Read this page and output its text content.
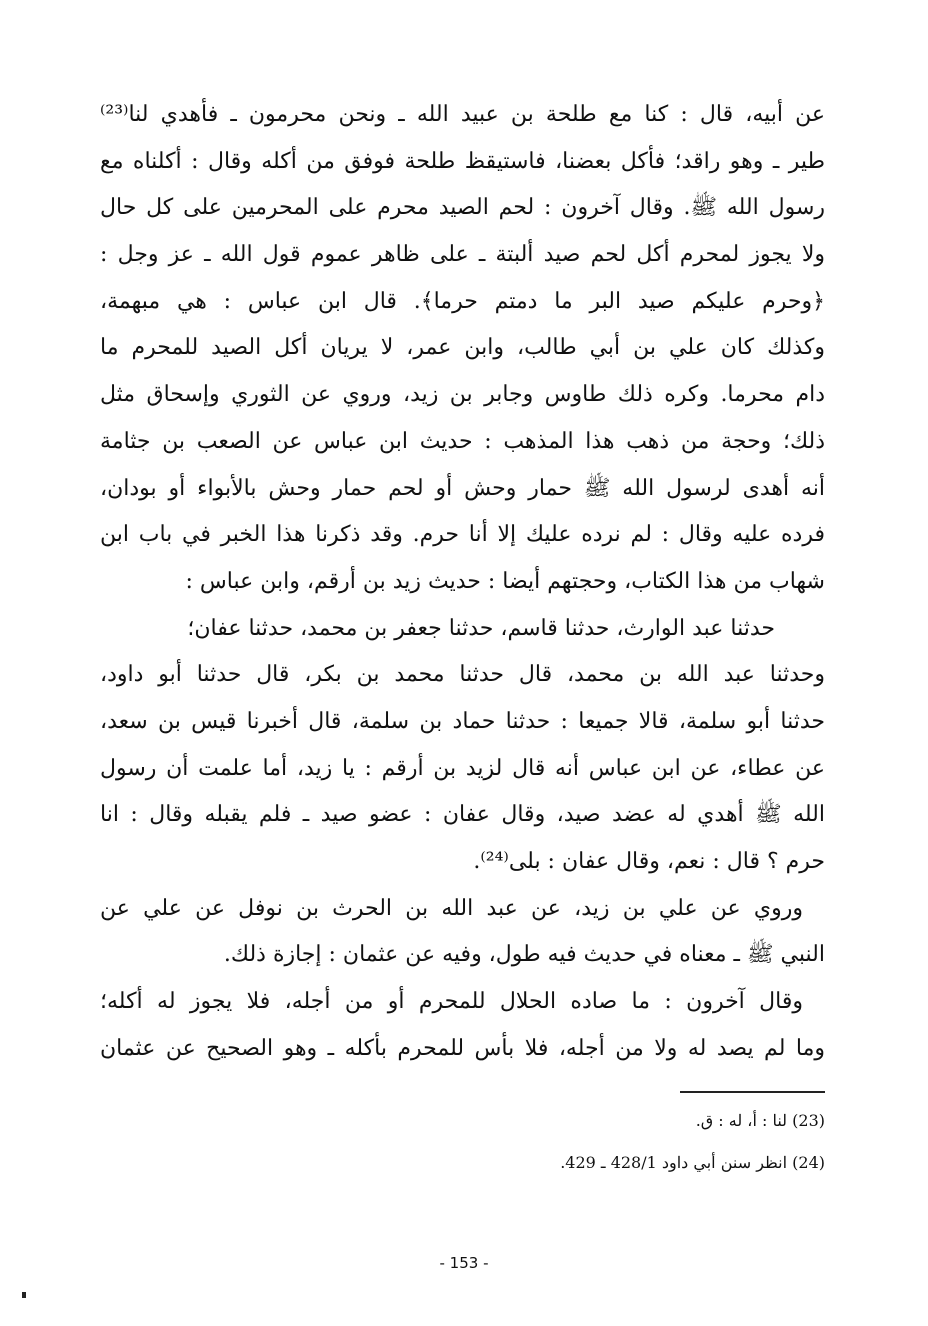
عن أبيه، قال : كنا مع طلحة بن عبيد الله ـ ونحن محرمون ـ فأهدي لنا⁽²³⁾
طير ـ وهو راقد؛ فأكل بعضنا، فاستيقظ طلحة فوفق من أكله وقال : أكلناه مع
رسول الله ﷺ. وقال آخرون : لحم الصيد محرم على المحرمين على كل حال
ولا يجوز لمحرم أكل لحم صيد ألبتة ـ على ظاهر عموم قول الله ـ عز وجل :
﴿وحرم عليكم صيد البر ما دمتم حرما﴾. قال ابن عباس : هي مبهمة،
وكذلك كان علي بن أبي طالب، وابن عمر، لا يريان أكل الصيد للمحرم ما
دام محرما. وكره ذلك طاوس وجابر بن زيد، وروي عن الثوري وإسحاق مثل
ذلك؛ وحجة من ذهب هذا المذهب : حديث ابن عباس عن الصعب بن جثامة
أنه أهدى لرسول الله ﷺ حمار وحش أو لحم حمار وحش بالأبواء أو بودان،
فرده عليه وقال : لم نرده عليك إلا أنا حرم. وقد ذكرنا هذا الخبر في باب ابن
شهاب من هذا الكتاب، وحجتهم أيضا : حديث زيد بن أرقم، وابن عباس :
حدثنا عبد الوارث، حدثنا قاسم، حدثنا جعفر بن محمد، حدثنا عفان؛
وحدثنا عبد الله بن محمد، قال حدثنا محمد بن بكر، قال حدثنا أبو داود،
حدثنا أبو سلمة، قالا جميعا : حدثنا حماد بن سلمة، قال أخبرنا قيس بن سعد،
عن عطاء، عن ابن عباس أنه قال لزيد بن أرقم : يا زيد، أما علمت أن رسول
الله ﷺ أهدي له عضد صيد، وقال عفان : عضو صيد ـ فلم يقبله وقال : انا
حرم ؟ قال : نعم، وقال عفان : بلى⁽²⁴⁾.
وروي عن علي بن زيد، عن عبد الله بن الحرث بن نوفل عن علي عن
النبي ﷺ ـ معناه في حديث فيه طول، وفيه عن عثمان : إجازة ذلك.
وقال آخرون : ما صاده الحلال للمحرم أو من أجله، فلا يجوز له أكله؛
وما لم يصد له ولا من أجله، فلا بأس للمحرم بأكله ـ وهو الصحيح عن عثمان
(23) لنا : أ، له : ق.
(24) انظر سنن أبي داود 428/1 ـ 429.
- 153 -
